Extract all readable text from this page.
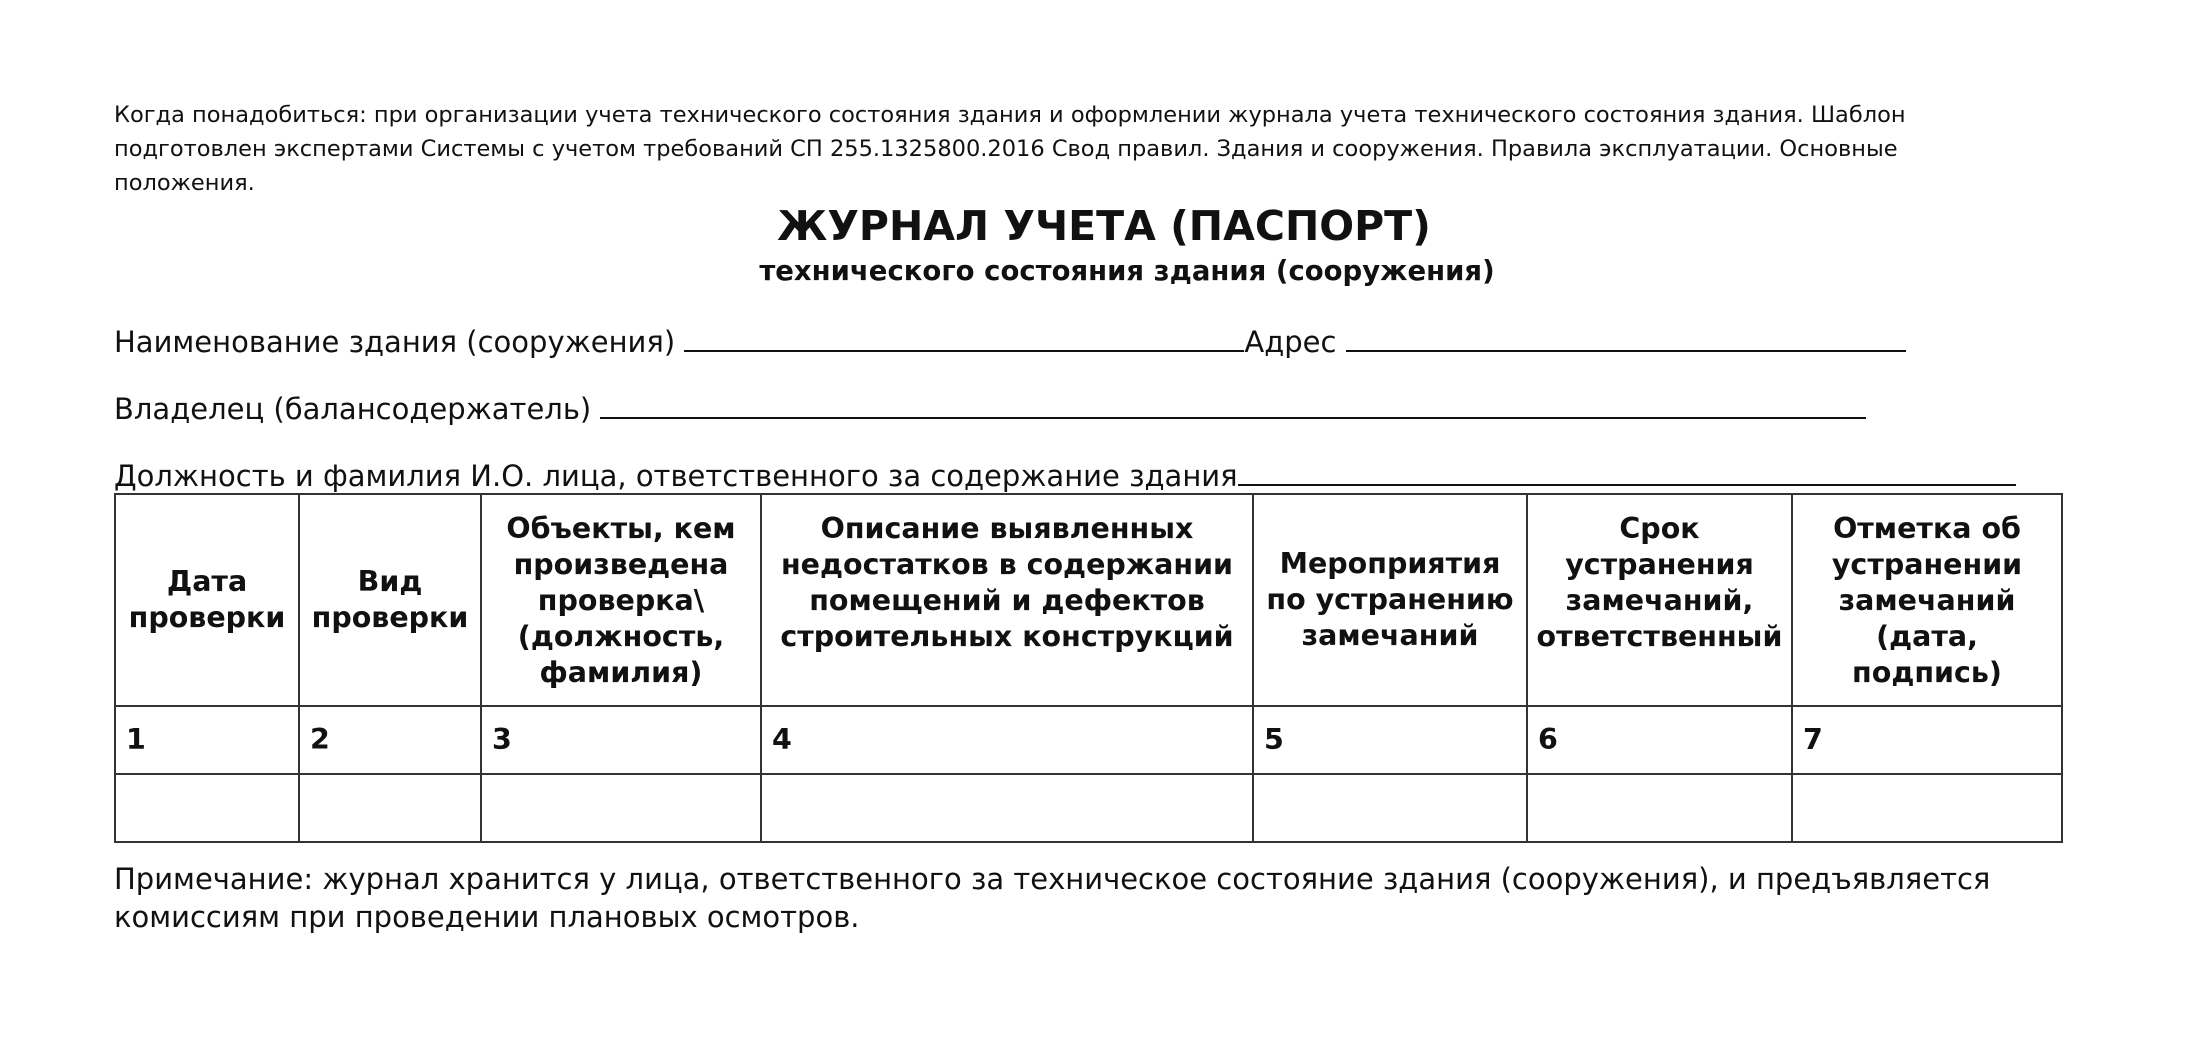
Когда понадобиться: при организации учета технического состояния здания и оформлении журнала учета технического состояния здания. Шаблон
подготовлен экспертами Системы с учетом требований СП 255.1325800.2016 Свод правил. Здания и сооружения. Правила эксплуатации. Основные
положения.
ЖУРНАЛ УЧЕТА (ПАСПОРТ)
технического состояния здания (сооружения)
Наименование здания (сооружения)	Адрес
Владелец (балансодержатель)
Должность и фамилия И.О. лица, ответственного за содержание здания
Дата проверки	Вид проверки	Объекты, кем произведена проверка\ (должность, фамилия)	Описание выявленных недостатков в содержании помещений и дефектов строительных конструкций	Мероприятия по устранению замечаний	Срок устранения замечаний, ответственный	Отметка об устранении замечаний (дата, подпись)

1	2	3	4	5	6	7

Примечание: журнал хранится у лица, ответственного за техническое состояние здания (сооружения), и предъявляется
комиссиям при проведении плановых осмотров.
